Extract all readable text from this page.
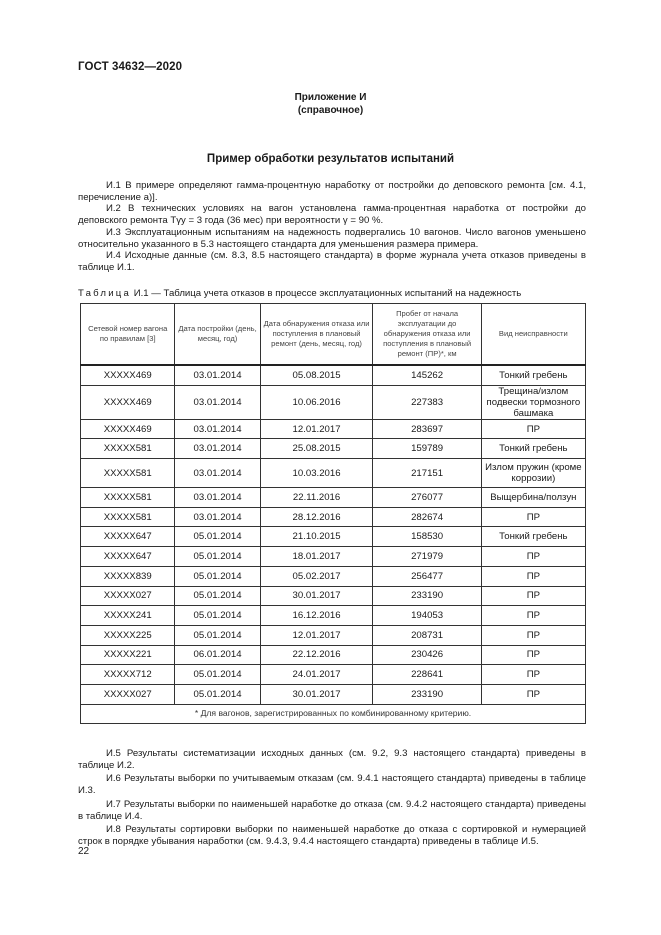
ГОСТ 34632—2020
Приложение И
(справочное)
Пример обработки результатов испытаний

И.1 В примере определяют гамма-процентную наработку от постройки до деповского ремонта [см. 4.1, перечисление а)].

И.2 В технических условиях на вагон установлена гамма-процентная наработка от постройки до деповского ремонта Tγу = 3 года (36 мес) при вероятности γ = 90 %.

И.3 Эксплуатационным испытаниям на надежность подвергались 10 вагонов. Число вагонов уменьшено относительно указанного в 5.3 настоящего стандарта для уменьшения размера примера.

И.4 Исходные данные (см. 8.3, 8.5 настоящего стандарта) в форме журнала учета отказов приведены в таблице И.1.

Таблица И.1 — Таблица учета отказов в процессе эксплуатационных испытаний на надежность
Сетевой номер вагона по правилам [3]	Дата постройки (день, месяц, год)	Дата обнаружения отказа или поступления в плановый ремонт (день, месяц, год)	Пробег от начала эксплуатации до обнаружения отказа или поступления в плановый ремонт (ПР)*, км	Вид неисправности
XXXXX469	03.01.2014	05.08.2015	145262	Тонкий гребень
XXXXX469	03.01.2014	10.06.2016	227383	Трещина/излом подвески тормозного башмака
XXXXX469	03.01.2014	12.01.2017	283697	ПР
XXXXX581	03.01.2014	25.08.2015	159789	Тонкий гребень
XXXXX581	03.01.2014	10.03.2016	217151	Излом пружин (кроме коррозии)
XXXXX581	03.01.2014	22.11.2016	276077	Выщербина/ползун
XXXXX581	03.01.2014	28.12.2016	282674	ПР
XXXXX647	05.01.2014	21.10.2015	158530	Тонкий гребень
XXXXX647	05.01.2014	18.01.2017	271979	ПР
XXXXX839	05.01.2014	05.02.2017	256477	ПР
XXXXX027	05.01.2014	30.01.2017	233190	ПР
XXXXX241	05.01.2014	16.12.2016	194053	ПР
XXXXX225	05.01.2014	12.01.2017	208731	ПР
XXXXX221	06.01.2014	22.12.2016	230426	ПР
XXXXX712	05.01.2014	24.01.2017	228641	ПР
XXXXX027	05.01.2014	30.01.2017	233190	ПР
* Для вагонов, зарегистрированных по комбинированному критерию.				

И.5 Результаты систематизации исходных данных (см. 9.2, 9.3 настоящего стандарта) приведены в таблице И.2.

И.6 Результаты выборки по учитываемым отказам (см. 9.4.1 настоящего стандарта) приведены в таблице И.3.

И.7 Результаты выборки по наименьшей наработке до отказа (см. 9.4.2 настоящего стандарта) приведены в таблице И.4.

И.8 Результаты сортировки выборки по наименьшей наработке до отказа с сортировкой и нумерацией строк в порядке убывания наработки (см. 9.4.3, 9.4.4 настоящего стандарта) приведены в таблице И.5.

22
